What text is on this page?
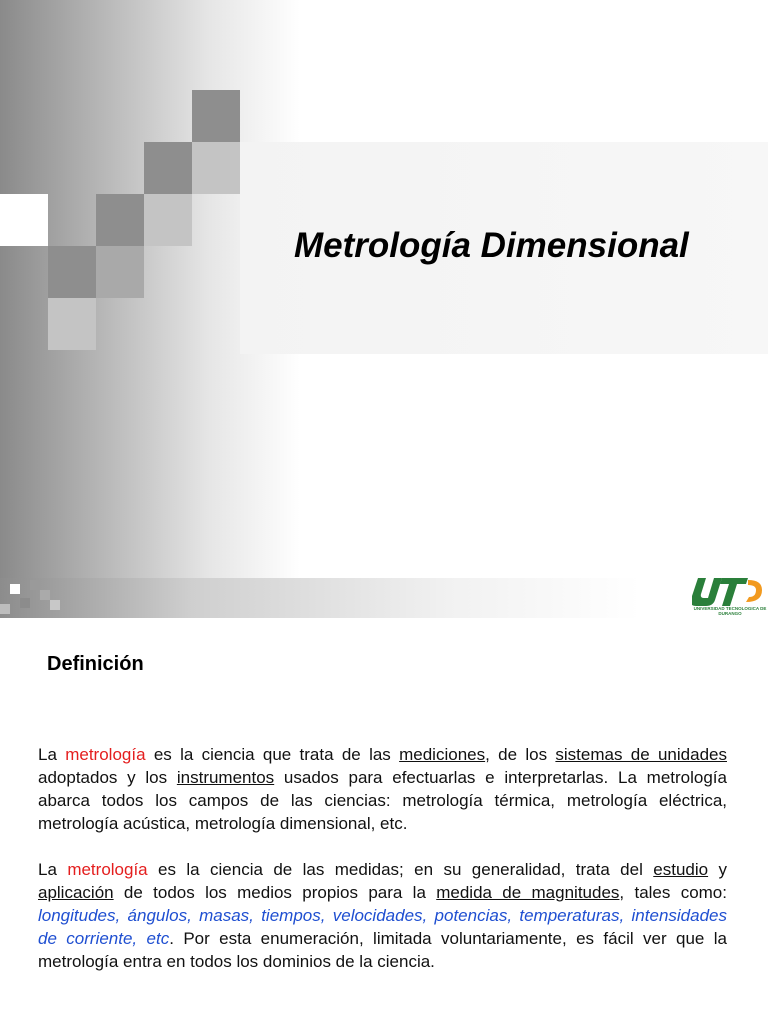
Metrología Dimensional
UNIVERSIDAD TECNOLOGICA DE DURANGO
Definición

La metrología es la ciencia que trata de las mediciones, de los sistemas de unidades adoptados y los instrumentos usados para efectuarlas e interpretarlas. La metrología abarca todos los campos de las ciencias: metrología térmica, metrología eléctrica, metrología acústica, metrología dimensional, etc.

La metrología es la ciencia de las medidas; en su generalidad, trata del estudio y aplicación de todos los medios propios para la medida de magnitudes, tales como: longitudes, ángulos, masas, tiempos, velocidades, potencias, temperaturas, intensidades de corriente, etc. Por esta enumeración, limitada voluntariamente, es fácil ver que la metrología entra en todos los dominios de la ciencia.
